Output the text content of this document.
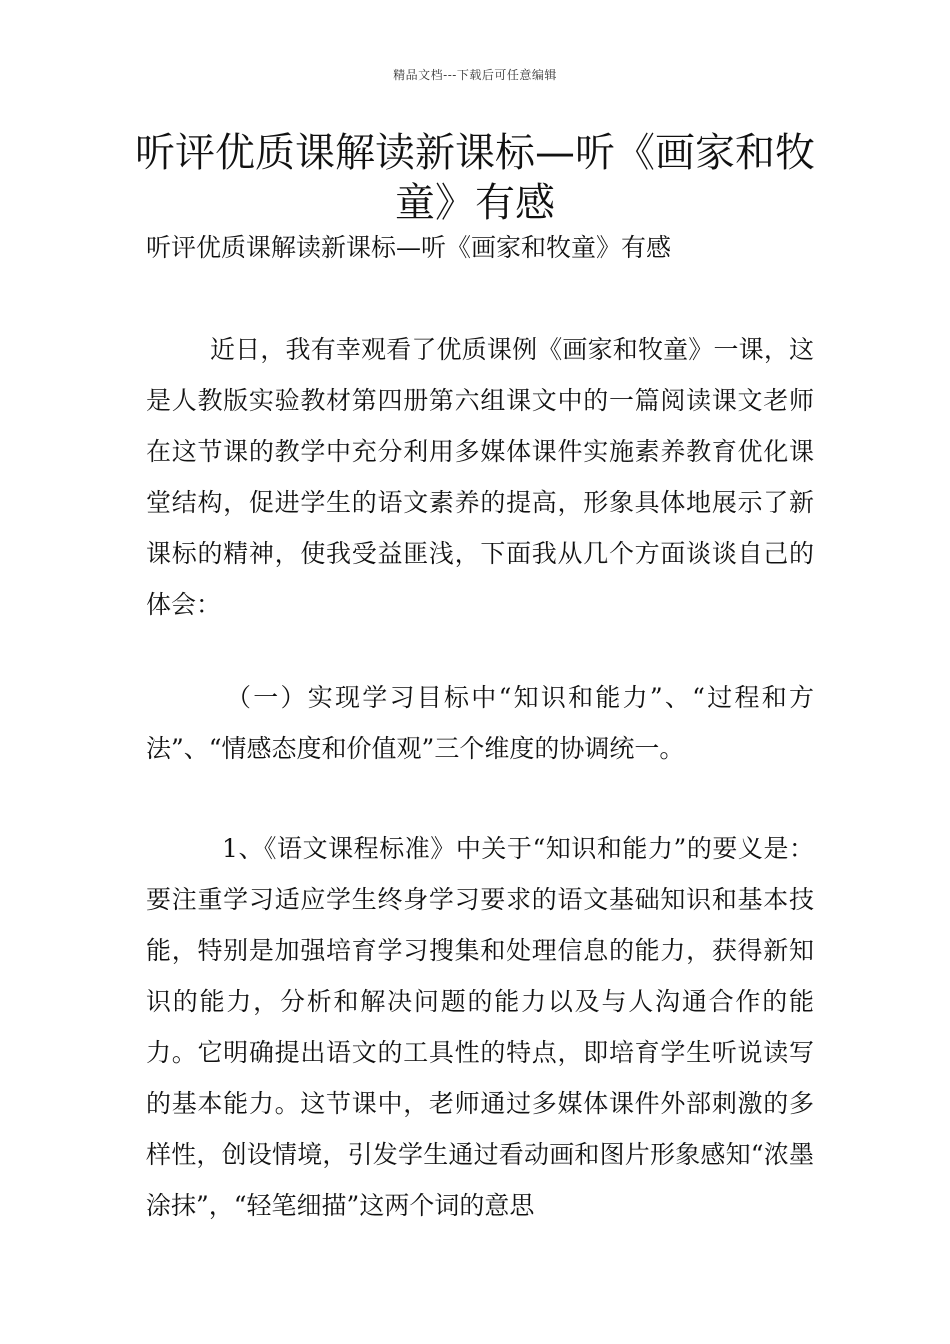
精品文档---下载后可任意编辑
听评优质课解读新课标—听《画家和牧童》有感
听评优质课解读新课标—听《画家和牧童》有感

近日，我有幸观看了优质课例《画家和牧童》一课，这是人教版实验教材第四册第六组课文中的一篇阅读课文老师在这节课的教学中充分利用多媒体课件实施素养教育优化课堂结构，促进学生的语文素养的提高，形象具体地展示了新课标的精神，使我受益匪浅，下面我从几个方面谈谈自己的体会：

（一）实现学习目标中“知识和能力”、“过程和方法”、“情感态度和价值观”三个维度的协调统一。

1、《语文课程标准》中关于“知识和能力”的要义是：要注重学习适应学生终身学习要求的语文基础知识和基本技能，特别是加强培育学习搜集和处理信息的能力，获得新知识的能力，分析和解决问题的能力以及与人沟通合作的能力。它明确提出语文的工具性的特点，即培育学生听说读写的基本能力。这节课中，老师通过多媒体课件外部刺激的多样性，创设情境，引发学生通过看动画和图片形象感知“浓墨涂抹”，“轻笔细描”这两个词的意思
